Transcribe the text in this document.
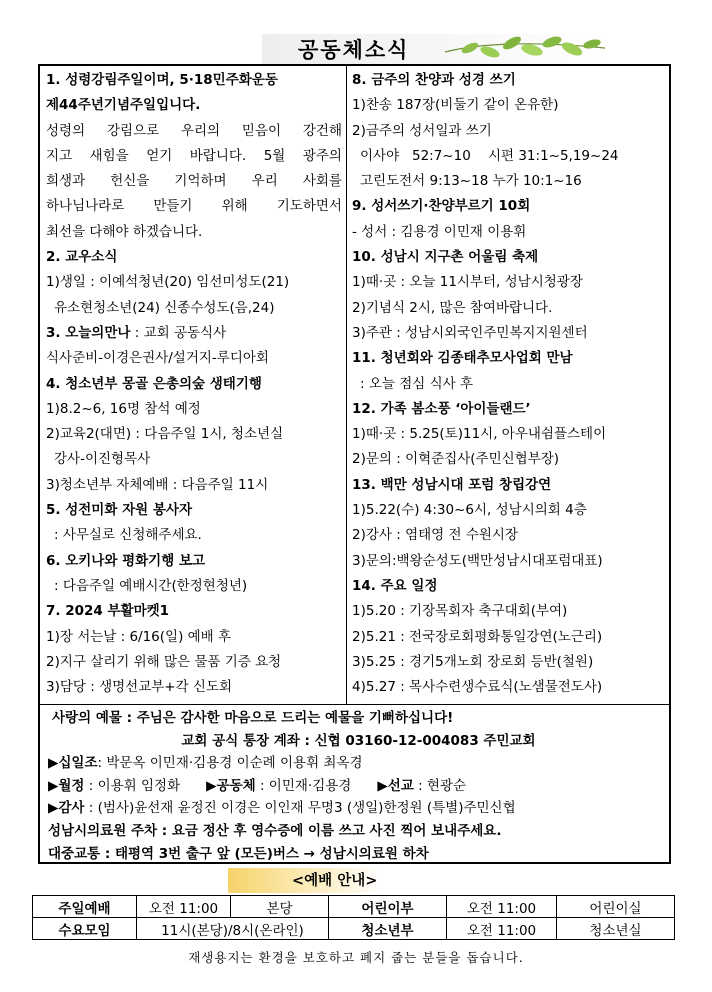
공동체소식
1. 성령강림주일이며, 5·18민주화운동
제44주년기념주일입니다.
성령의 강림으로 우리의 믿음이 강건해
지고 새힘을 얻기 바랍니다. 5월 광주의
희생과 헌신을 기억하며 우리 사회를
하나님나라로 만들기 위해 기도하면서
최선을 다해야 하겠습니다.
2. 교우소식
1)생일 : 이예석청년(20) 임선미성도(21)
유소현청소년(24) 신종수성도(음,24)
3. 오늘의만나 : 교회 공동식사
식사준비-이경은권사/설거지-루디아회
4. 청소년부 몽골 은총의숲 생태기행
1)8.2~6, 16명 참석 예정
2)교육2(대면) : 다음주일 1시, 청소년실
강사-이진형목사
3)청소년부 자체예배 : 다음주일 11시
5. 성전미화 자원 봉사자
: 사무실로 신청해주세요.
6. 오키나와 평화기행 보고
: 다음주일 예배시간(한정현청년)
7. 2024 부활마켓1
1)장 서는날 : 6/16(일) 예배 후
2)지구 살리기 위해 많은 물품 기증 요청
3)담당 : 생명선교부+각 신도회
8. 금주의 찬양과 성경 쓰기
1)찬송 187장(비둘기 같이 온유한)
2)금주의 성서일과 쓰기
이사야   52:7~10    시편 31:1~5,19~24
고린도전서 9:13~18 누가 10:1~16
9. 성서쓰기·찬양부르기 10회
- 성서 : 김용경 이민재 이용휘
10. 성남시 지구촌 어울림 축제
1)때·곳 : 오늘 11시부터, 성남시청광장
2)기념식 2시, 많은 참여바랍니다.
3)주관 : 성남시외국인주민복지지원센터
11. 청년회와 김종태추모사업회 만남
: 오늘 점심 식사 후
12. 가족 봄소풍 ‘아이들랜드’
1)때·곳 : 5.25(토)11시, 아우내쉼플스테이
2)문의 : 이혁준집사(주민신협부장)
13. 백만 성남시대 포럼 창립강연
1)5.22(수) 4:30~6시, 성남시의회 4층
2)강사 : 염태영 전 수원시장
3)문의:백왕순성도(백만성남시대포럼대표)
14. 주요 일정
1)5.20 : 기장목회자 축구대회(부여)
2)5.21 : 전국장로회평화통일강연(노근리)
3)5.25 : 경기5개노회 장로회 등반(철원)
4)5.27 : 목사수련생수료식(노샘물전도사)
사랑의 예물 : 주님은 감사한 마음으로 드리는 예물을 기뻐하십니다!
교회 공식 통장 계좌 : 신협 03160-12-004083 주민교회
▶십일조: 박문옥 이민재·김용경 이순례 이용휘 최옥경
▶월정 : 이용휘 임정화 ▶공동체 : 이민재·김용경 ▶선교 : 현광순
▶감사 : (범사)윤선재 윤정진 이경은 이인재 무명3 (생일)한정원 (특별)주민신협
성남시의료원 주차 : 요금 정산 후 영수증에 이름 쓰고 사진 찍어 보내주세요.
대중교통 : 태평역 3번 출구 앞 (모든)버스 → 성남시의료원 하차
<예배 안내>
주일예배	오전 11:00	본당	어린이부	오전 11:00	어린이실
수요모임	11시(본당)/8시(온라인)		청소년부	오전 11:00	청소년실
재생용지는 환경을 보호하고 폐지 줍는 분들을 돕습니다.
